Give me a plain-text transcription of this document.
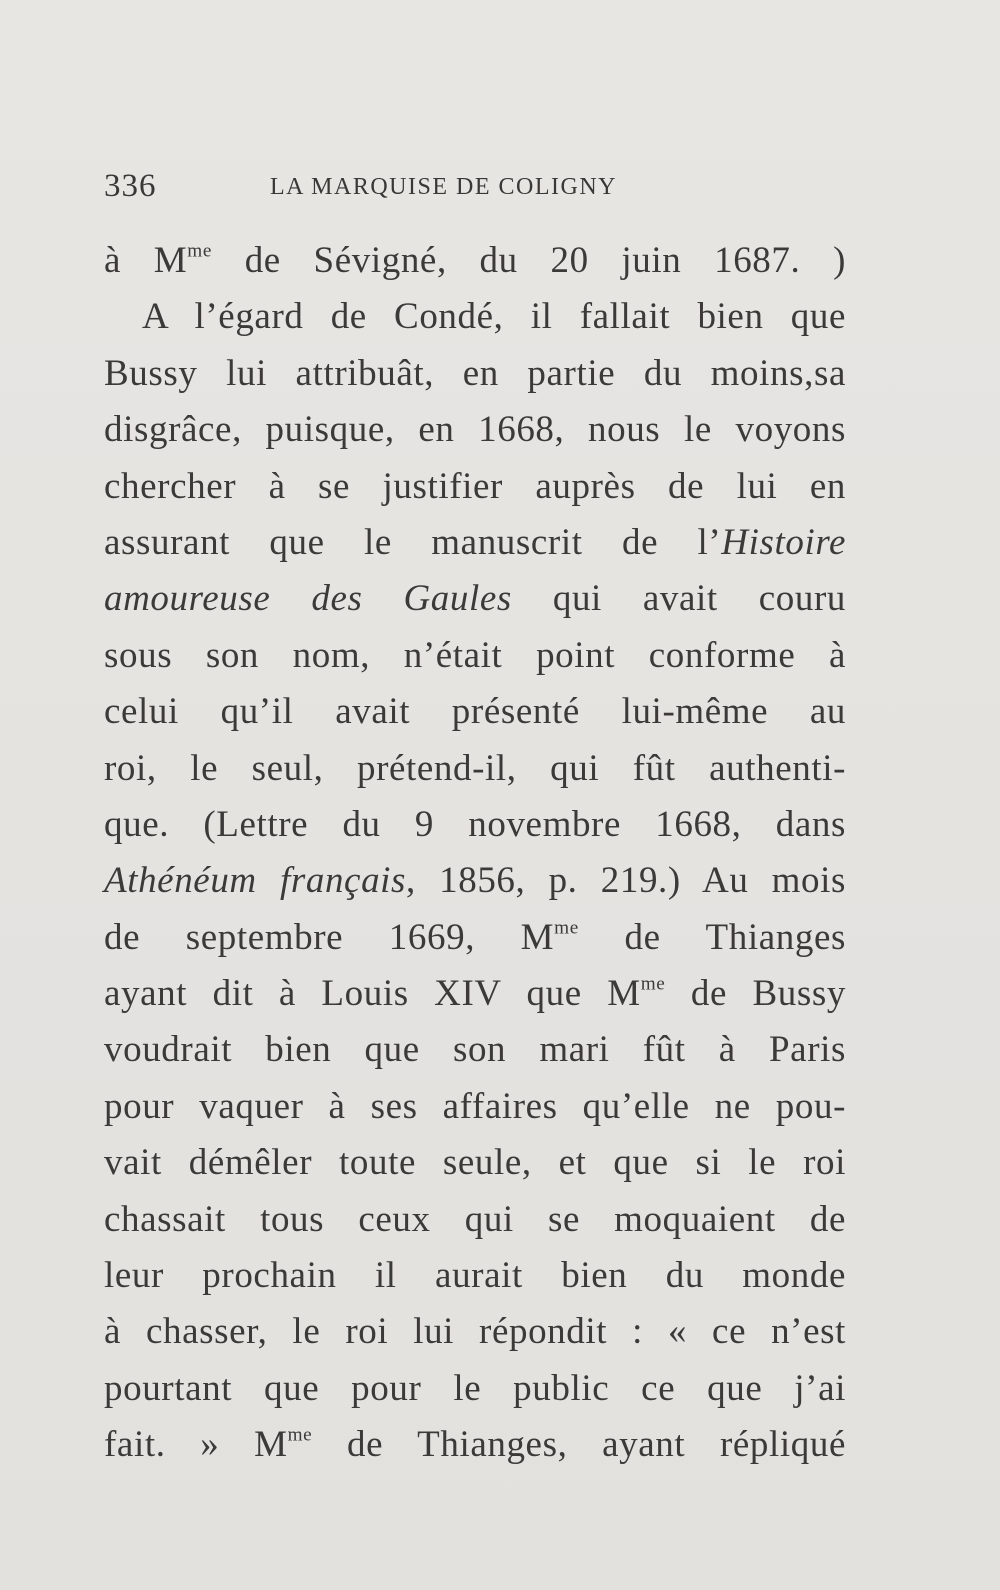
336	LA MARQUISE DE COLIGNY
à $M^{me}$ de Sévigné, du 20 juin 1687. )
A l’égard de Condé, il fallait bien que
Bussy lui attribuât, en partie du moins,sa
disgrâce, puisque, en 1668, nous le voyons
chercher à se justifier auprès de lui en
assurant que le manuscrit de l’Histoire
amoureuse des Gaules qui avait couru
sous son nom, n’était point conforme à
celui qu’il avait présenté lui-même au
roi, le seul, prétend-il, qui fût authenti-
que. (Lettre du 9 novembre 1668, dans
Athénéum français, 1856, p. 219.) Au mois
de septembre 1669, $M^{me}$ de Thianges
ayant dit à Louis XIV que $M^{me}$ de Bussy
voudrait bien que son mari fût à Paris
pour vaquer à ses affaires qu’elle ne pou-
vait démêler toute seule, et que si le roi
chassait tous ceux qui se moquaient de
leur prochain il aurait bien du monde
à chasser, le roi lui répondit : « ce n’est
pourtant que pour le public ce que j’ai
fait. » $M^{me}$ de Thianges, ayant répliqué
